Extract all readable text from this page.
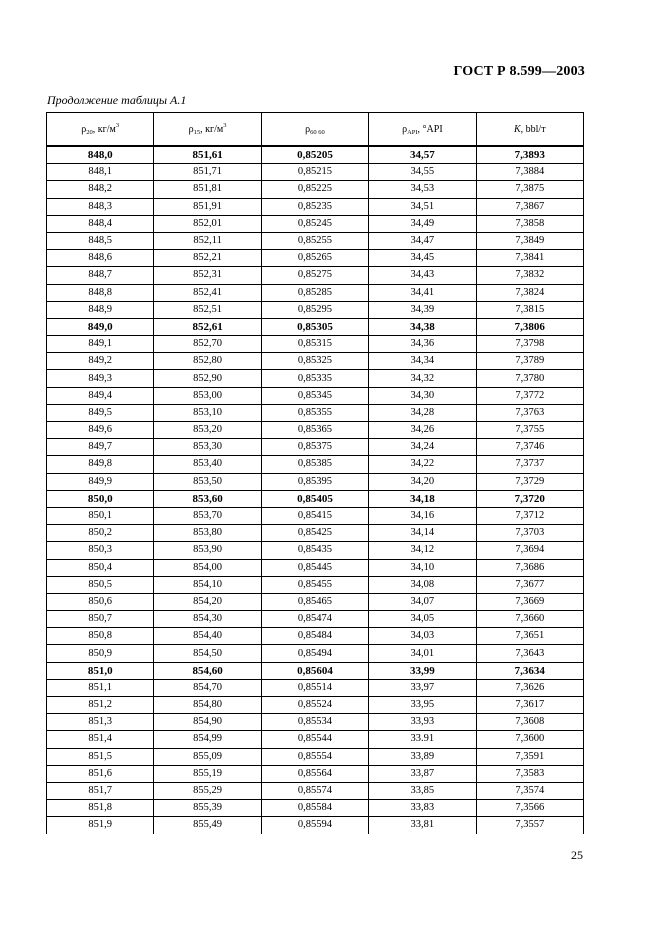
ГОСТ Р 8.599—2003
Продолжение таблицы А.1
$\rho_{20}$, $кг/м^3$	$\rho_{15}$, $кг/м^3$	$\rho_{60 60}$	$\rho_{API}$, °API	K, bbl/т
848,0	851,61	0,85205	34,57	7,3893
848,1	851,71	0,85215	34,55	7,3884
848,2	851,81	0,85225	34,53	7,3875
848,3	851,91	0,85235	34,51	7,3867
848,4	852,01	0,85245	34,49	7,3858
848,5	852,11	0,85255	34,47	7,3849
848,6	852,21	0,85265	34,45	7,3841
848,7	852,31	0,85275	34,43	7,3832
848,8	852,41	0,85285	34,41	7,3824
848,9	852,51	0,85295	34,39	7,3815
849,0	852,61	0,85305	34,38	7,3806
849,1	852,70	0,85315	34,36	7,3798
849,2	852,80	0,85325	34,34	7,3789
849,3	852,90	0,85335	34,32	7,3780
849,4	853,00	0,85345	34,30	7,3772
849,5	853,10	0,85355	34,28	7,3763
849,6	853,20	0,85365	34,26	7,3755
849,7	853,30	0,85375	34,24	7,3746
849,8	853,40	0,85385	34,22	7,3737
849,9	853,50	0,85395	34,20	7,3729
850,0	853,60	0,85405	34,18	7,3720
850,1	853,70	0,85415	34,16	7,3712
850,2	853,80	0,85425	34,14	7,3703
850,3	853,90	0,85435	34,12	7,3694
850,4	854,00	0,85445	34,10	7,3686
850,5	854,10	0,85455	34,08	7,3677
850,6	854,20	0,85465	34,07	7,3669
850,7	854,30	0,85474	34,05	7,3660
850,8	854,40	0,85484	34,03	7,3651
850,9	854,50	0,85494	34,01	7,3643
851,0	854,60	0,85604	33,99	7,3634
851,1	854,70	0,85514	33,97	7,3626
851,2	854,80	0,85524	33,95	7,3617
851,3	854,90	0,85534	33,93	7,3608
851,4	854,99	0,85544	33.91	7,3600
851,5	855,09	0,85554	33,89	7,3591
851,6	855,19	0,85564	33,87	7,3583
851,7	855,29	0,85574	33,85	7,3574
851,8	855,39	0,85584	33,83	7,3566
851,9	855,49	0,85594	33,81	7,3557
25
